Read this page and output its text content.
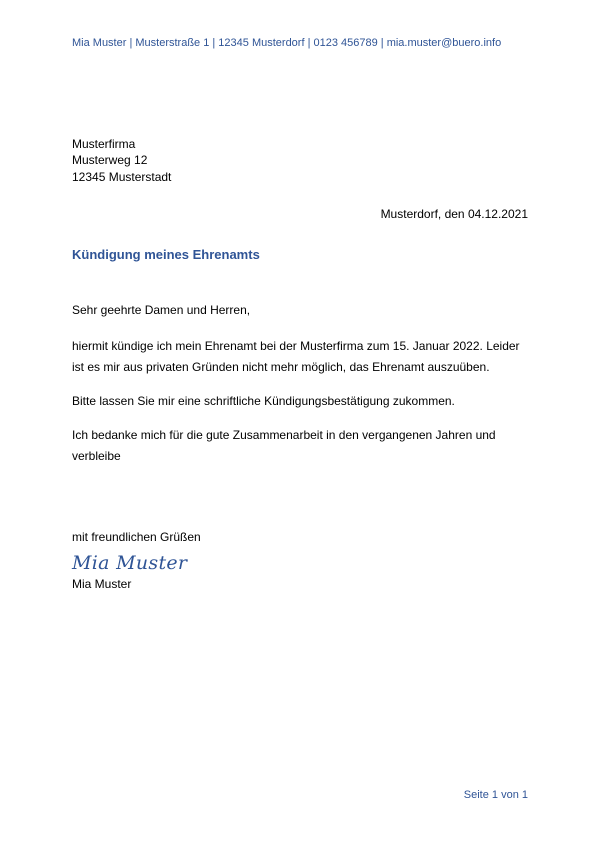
Mia Muster | Musterstraße 1 | 12345 Musterdorf | 0123 456789 | mia.muster@buero.info
Musterfirma
Musterweg 12
12345 Musterstadt
Musterdorf, den 04.12.2021
Kündigung meines Ehrenamts

Sehr geehrte Damen und Herren,

hiermit kündige ich mein Ehrenamt bei der Musterfirma zum 15. Januar 2022. Leider ist es mir aus privaten Gründen nicht mehr möglich, das Ehrenamt auszuüben.

Bitte lassen Sie mir eine schriftliche Kündigungsbestätigung zukommen.

Ich bedanke mich für die gute Zusammenarbeit in den vergangenen Jahren und verbleibe

mit freundlichen Grüßen
Mia Muster
Mia Muster
Seite 1 von 1
